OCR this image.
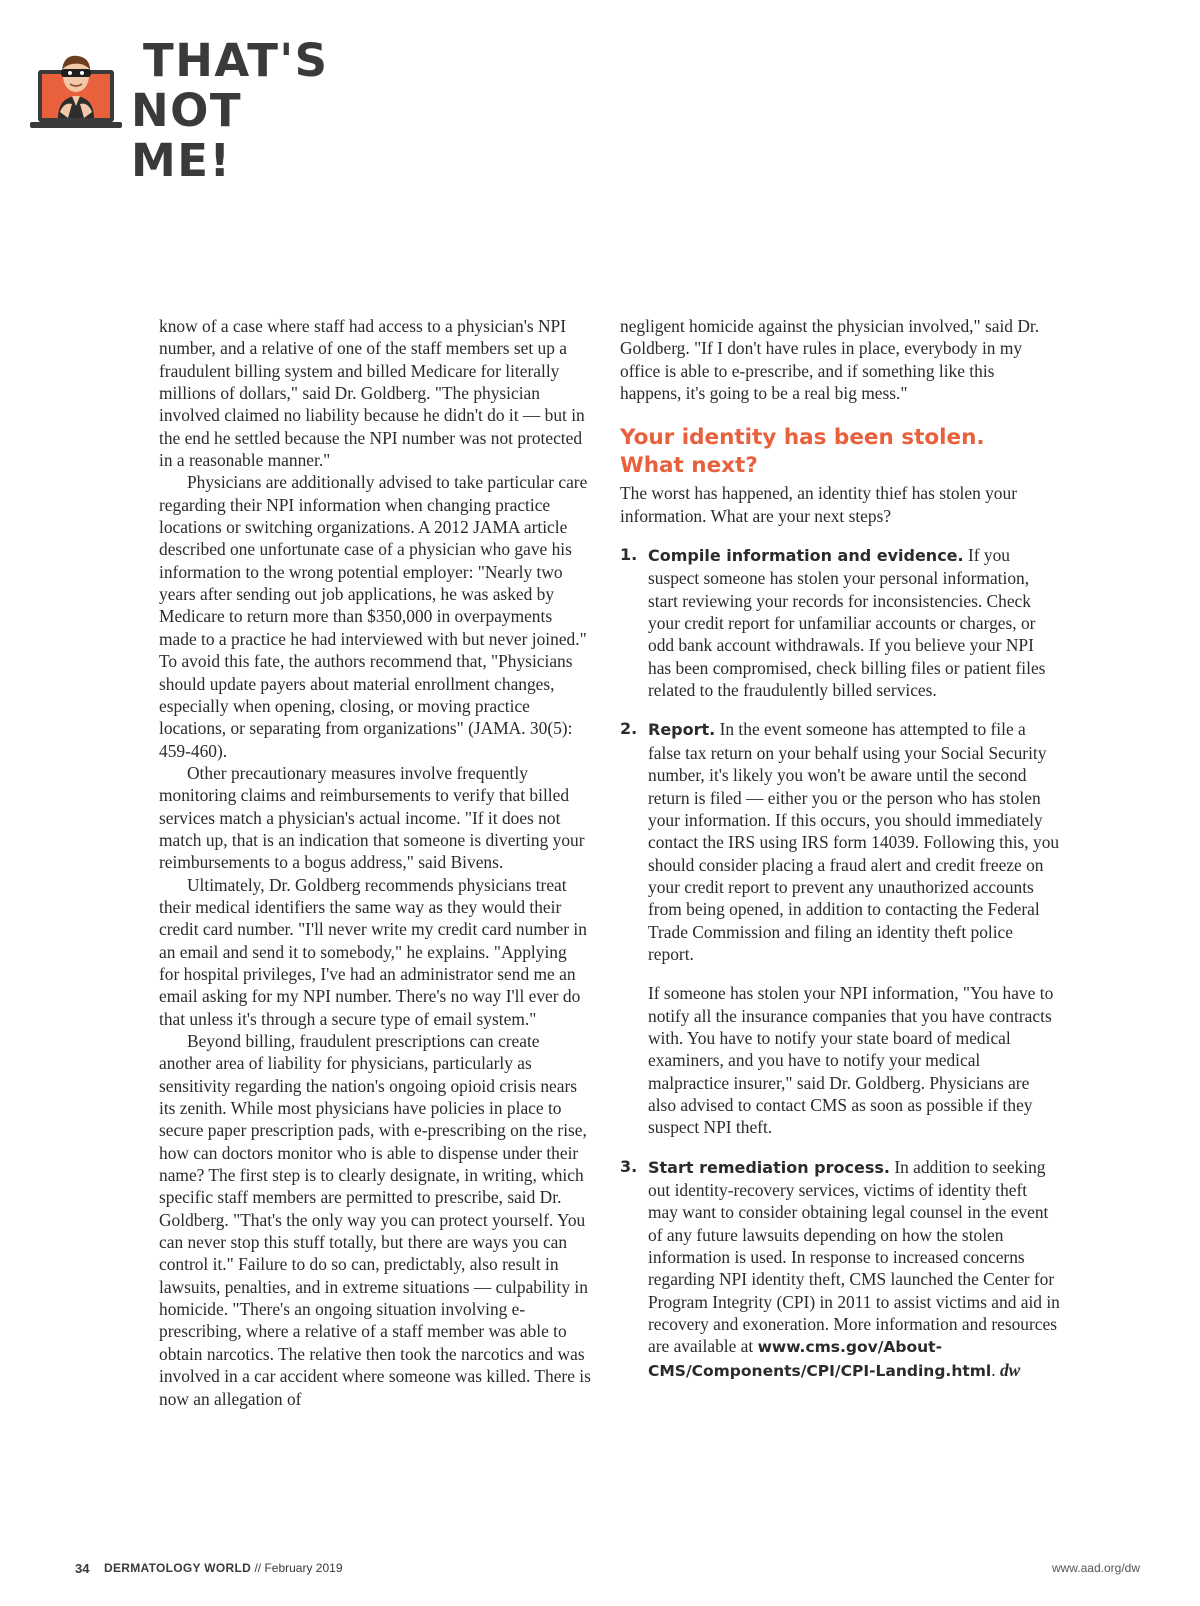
THAT'S
NOT ME!

know of a case where staff had access to a physician's NPI number, and a relative of one of the staff members set up a fraudulent billing system and billed Medicare for literally millions of dollars," said Dr. Goldberg. "The physician involved claimed no liability because he didn't do it — but in the end he settled because the NPI number was not protected in a reasonable manner."

Physicians are additionally advised to take particular care regarding their NPI information when changing practice locations or switching organizations. A 2012 JAMA article described one unfortunate case of a physician who gave his information to the wrong potential employer: "Nearly two years after sending out job applications, he was asked by Medicare to return more than $350,000 in overpayments made to a practice he had interviewed with but never joined." To avoid this fate, the authors recommend that, "Physicians should update payers about material enrollment changes, especially when opening, closing, or moving practice locations, or separating from organizations" (JAMA. 30(5): 459-460).

Other precautionary measures involve frequently monitoring claims and reimbursements to verify that billed services match a physician's actual income. "If it does not match up, that is an indication that someone is diverting your reimbursements to a bogus address," said Bivens.

Ultimately, Dr. Goldberg recommends physicians treat their medical identifiers the same way as they would their credit card number. "I'll never write my credit card number in an email and send it to somebody," he explains. "Applying for hospital privileges, I've had an administrator send me an email asking for my NPI number. There's no way I'll ever do that unless it's through a secure type of email system."

Beyond billing, fraudulent prescriptions can create another area of liability for physicians, particularly as sensitivity regarding the nation's ongoing opioid crisis nears its zenith. While most physicians have policies in place to secure paper prescription pads, with e-prescribing on the rise, how can doctors monitor who is able to dispense under their name? The first step is to clearly designate, in writing, which specific staff members are permitted to prescribe, said Dr. Goldberg. "That's the only way you can protect yourself. You can never stop this stuff totally, but there are ways you can control it." Failure to do so can, predictably, also result in lawsuits, penalties, and in extreme situations — culpability in homicide. "There's an ongoing situation involving e-prescribing, where a relative of a staff member was able to obtain narcotics. The relative then took the narcotics and was involved in a car accident where someone was killed. There is now an allegation of

negligent homicide against the physician involved," said Dr. Goldberg. "If I don't have rules in place, everybody in my office is able to e-prescribe, and if something like this happens, it's going to be a real big mess."

Your identity has been stolen.
What next?

The worst has happened, an identity thief has stolen your information. What are your next steps?

1. Compile information and evidence. If you suspect someone has stolen your personal information, start reviewing your records for inconsistencies. Check your credit report for unfamiliar accounts or charges, or odd bank account withdrawals. If you believe your NPI has been compromised, check billing files or patient files related to the fraudulently billed services.
2. Report. In the event someone has attempted to file a false tax return on your behalf using your Social Security number, it's likely you won't be aware until the second return is filed — either you or the person who has stolen your information. If this occurs, you should immediately contact the IRS using IRS form 14039. Following this, you should consider placing a fraud alert and credit freeze on your credit report to prevent any unauthorized accounts from being opened, in addition to contacting the Federal Trade Commission and filing an identity theft police report.
If someone has stolen your NPI information, "You have to notify all the insurance companies that you have contracts with. You have to notify your state board of medical examiners, and you have to notify your medical malpractice insurer," said Dr. Goldberg. Physicians are also advised to contact CMS as soon as possible if they suspect NPI theft.
3. Start remediation process. In addition to seeking out identity-recovery services, victims of identity theft may want to consider obtaining legal counsel in the event of any future lawsuits depending on how the stolen information is used. In response to increased concerns regarding NPI identity theft, CMS launched the Center for Program Integrity (CPI) in 2011 to assist victims and aid in recovery and exoneration. More information and resources are available at www.cms.gov/About-CMS/Components/CPI/CPI-Landing.html. dw
34 DERMATOLOGY WORLD // February 2019	www.aad.org/dw
